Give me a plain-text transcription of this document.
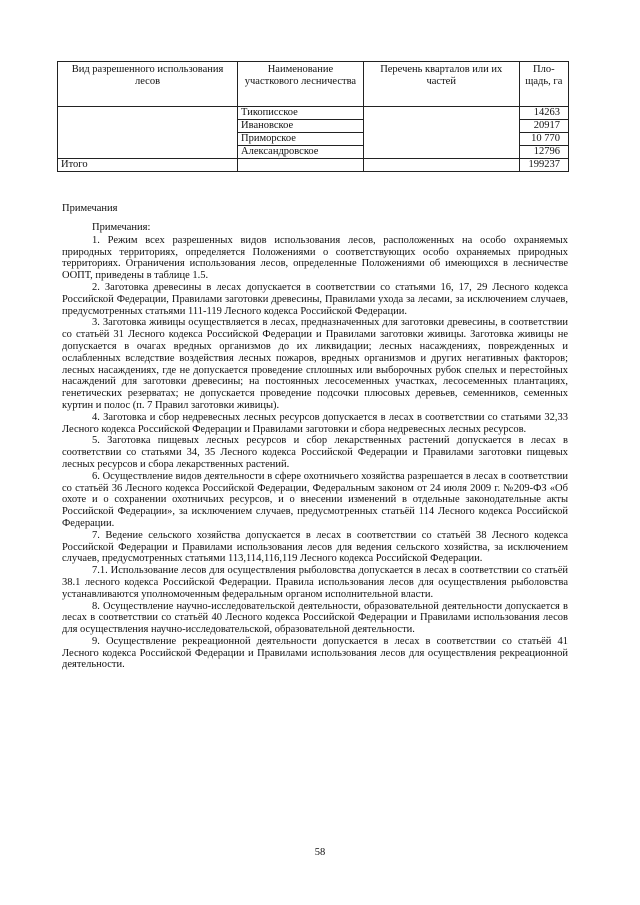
Вид разрешенного использования лесов	Наименование участкового лесничества	Перечень кварталов или их частей	Пло-щадь, га
	Тикописское		14263
	Ивановское		20917
	Приморское		10 770
	Александровское		12796
Итого			199237
Примечания

Примечания:

1. Режим всех разрешенных видов использования лесов, расположенных на особо охраняемых природных территориях, определяется Положениями о соответствующих особо охраняемых природных территориях. Ограничения использования лесов, определенные Положениями об имеющихся в лесничестве ООПТ, приведены в таблице 1.5.

2. Заготовка древесины в лесах допускается в соответствии со статьями 16, 17, 29 Лесного кодекса Российской Федерации, Правилами заготовки древесины, Правилами ухода за лесами, за исключением случаев, предусмотренных статьями 111-119 Лесного кодекса Российской Федерации.

3. Заготовка живицы осуществляется в лесах, предназначенных для заготовки древесины, в соответствии со статьёй 31 Лесного кодекса Российской Федерации и Правилами заготовки живицы. Заготовка живицы не допускается в очагах вредных организмов до их ликвидации; лесных насаждениях, поврежденных и ослабленных вследствие воздействия лесных пожаров, вредных организмов и других негативных факторов; лесных насаждениях, где не допускается проведение сплошных или выборочных рубок спелых и перестойных насаждений для заготовки древесины; на постоянных лесосеменных участках, лесосеменных плантациях, генетических резерватах; не допускается проведение подсочки плюсовых деревьев, семенников, семенных куртин и полос (п. 7 Правил заготовки живицы).

4. Заготовка и сбор недревесных лесных ресурсов допускается в лесах в соответствии со статьями 32,33 Лесного кодекса Российской Федерации и Правилами заготовки и сбора недревесных лесных ресурсов.

5. Заготовка пищевых лесных ресурсов и сбор лекарственных растений допускается в лесах в соответствии со статьями 34, 35 Лесного кодекса Российской Федерации и Правилами заготовки пищевых лесных ресурсов и сбора лекарственных растений.

6. Осуществление видов деятельности в сфере охотничьего хозяйства разрешается в лесах в соответствии со статьёй 36 Лесного кодекса Российской Федерации, Федеральным законом от 24 июля 2009 г. №209-ФЗ «Об охоте и о сохранении охотничьих ресурсов, и о внесении изменений в отдельные законодательные акты Российской Федерации», за исключением случаев, предусмотренных статьёй 114 Лесного кодекса Российской Федерации.

7. Ведение сельского хозяйства допускается в лесах в соответствии со статьёй 38 Лесного кодекса Российской Федерации и Правилами использования лесов для ведения сельского хозяйства, за исключением случаев, предусмотренных статьями 113,114,116,119 Лесного кодекса Российской Федерации.

7.1. Использование лесов для осуществления рыболовства допускается в лесах в соответствии со статьёй 38.1 лесного кодекса Российской Федерации. Правила использования лесов для осуществления рыболовства устанавливаются уполномоченным федеральным органом исполнительной власти.

8. Осуществление научно-исследовательской деятельности, образовательной деятельности допускается в лесах в соответствии со статьёй 40 Лесного кодекса Российской Федерации и Правилами использования лесов для осуществления научно-исследовательской, образовательной деятельности.

9. Осуществление рекреационной деятельности допускается в лесах в соответствии со статьёй 41 Лесного кодекса Российской Федерации и Правилами использования лесов для осуществления рекреационной деятельности.

58
